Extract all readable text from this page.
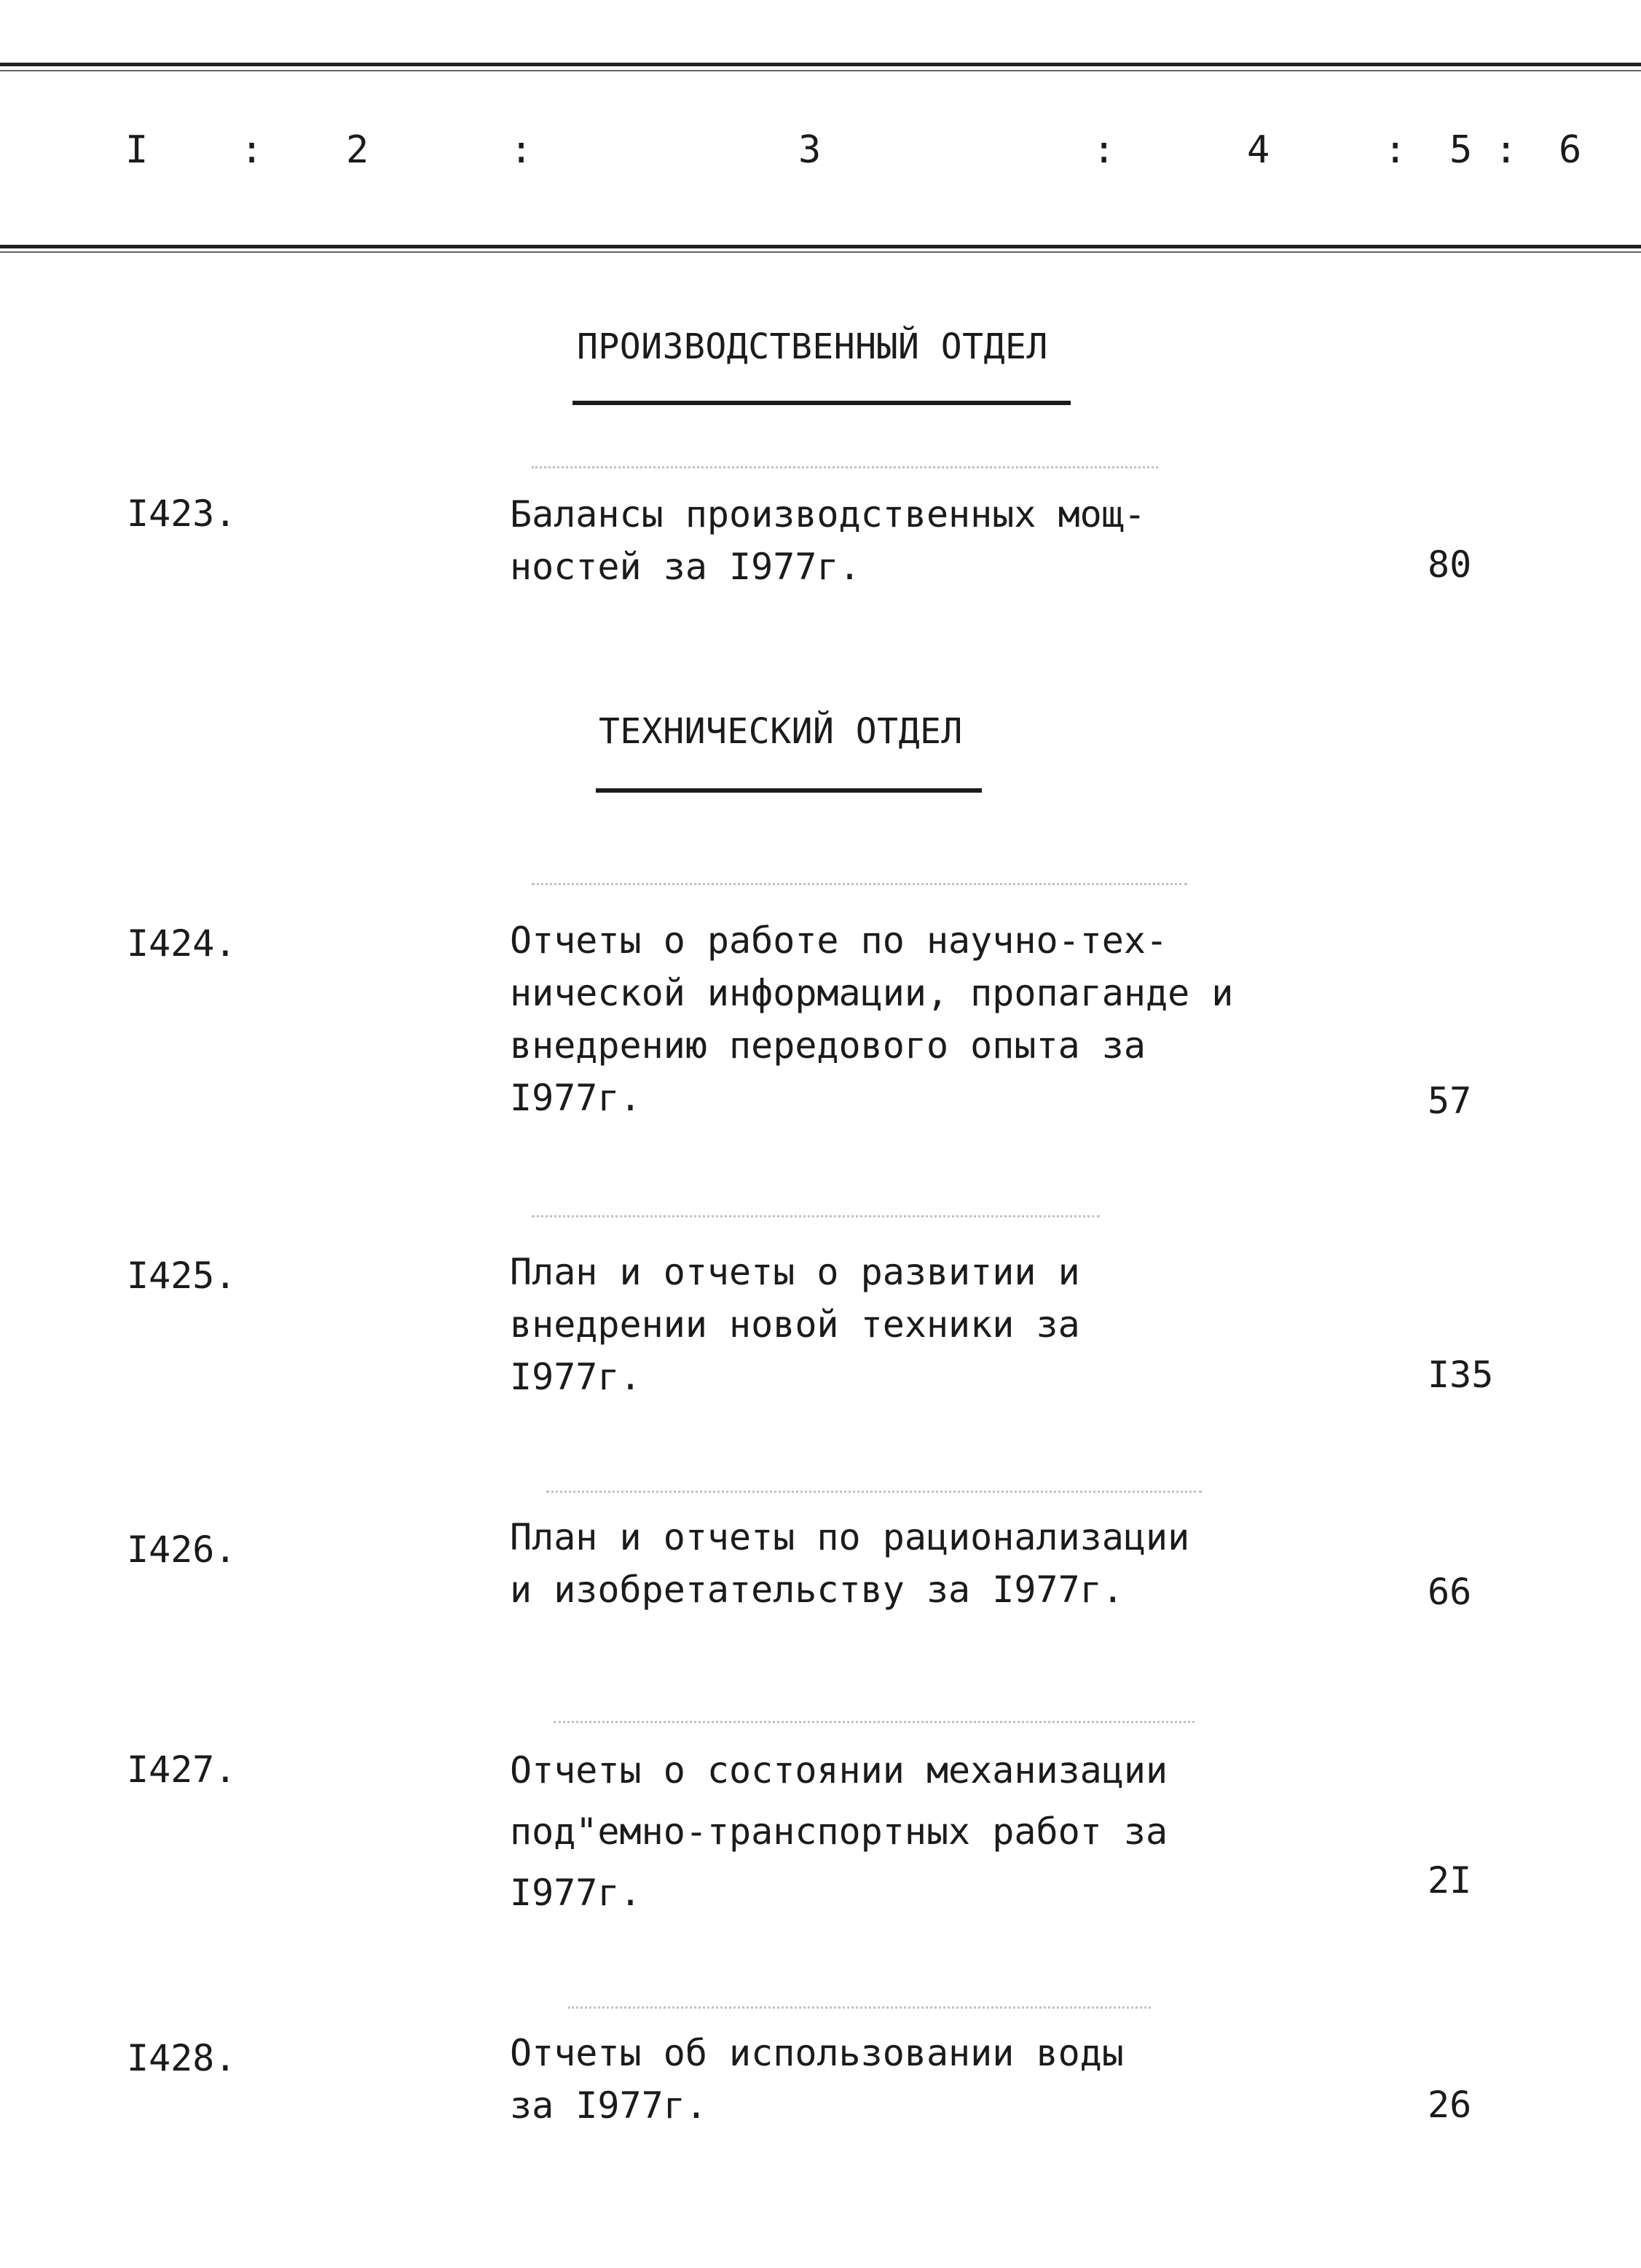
I : 2	:	3	:	4	: 5 : 6
ПРОИЗВОДСТВЕННЫЙ ОТДЕЛ
I423.	Балансы производственных мощ-
ностей за I977г.	80
ТЕХНИЧЕСКИЙ ОТДЕЛ
I424.	Отчеты о работе по научно-тех-
нической информации, пропаганде и
внедрению передового опыта за
I977г.	57
I425.	План и отчеты о развитии и
внедрении новой техники за
I977г.	I35
I426.	План и отчеты по рационализации
и изобретательству за I977г.	66
I427.	Отчеты о состоянии механизации
под"емно-транспортных работ за
I977г.	2I
I428.	Отчеты об использовании воды
за I977г.	26
